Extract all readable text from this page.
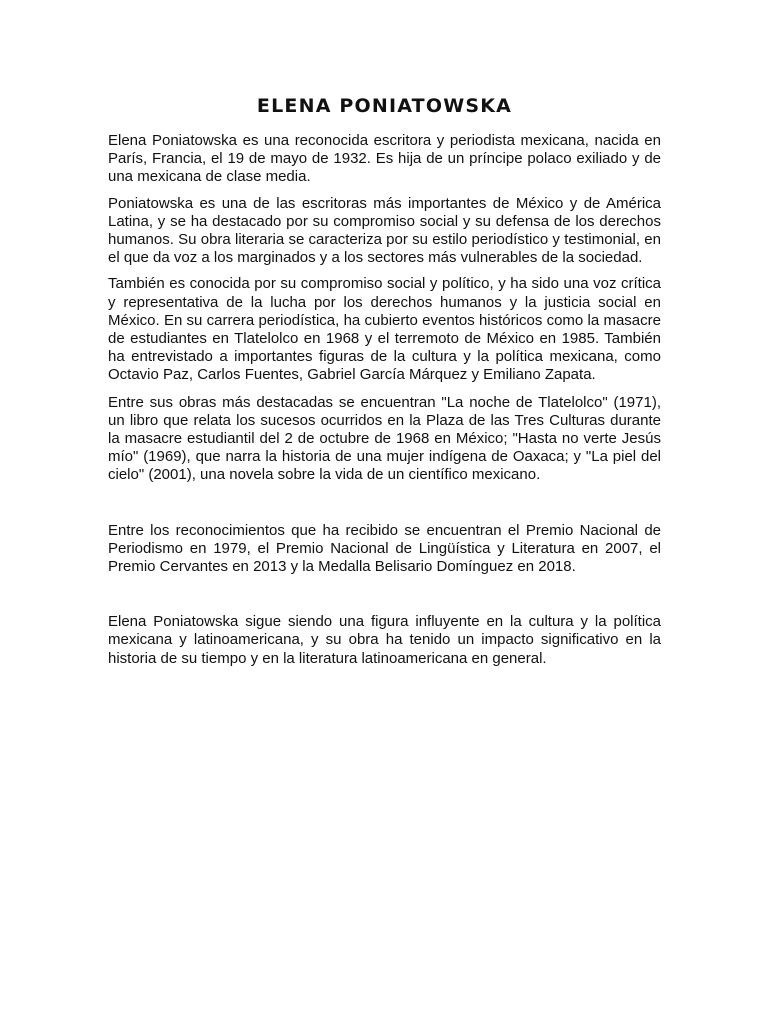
ELENA PONIATOWSKA

Elena Poniatowska es una reconocida escritora y periodista mexicana, nacida en París, Francia, el 19 de mayo de 1932. Es hija de un príncipe polaco exiliado y de una mexicana de clase media.

Poniatowska es una de las escritoras más importantes de México y de América Latina, y se ha destacado por su compromiso social y su defensa de los derechos humanos. Su obra literaria se caracteriza por su estilo periodístico y testimonial, en el que da voz a los marginados y a los sectores más vulnerables de la sociedad.

También es conocida por su compromiso social y político, y ha sido una voz crítica y representativa de la lucha por los derechos humanos y la justicia social en México. En su carrera periodística, ha cubierto eventos históricos como la masacre de estudiantes en Tlatelolco en 1968 y el terremoto de México en 1985. También ha entrevistado a importantes figuras de la cultura y la política mexicana, como Octavio Paz, Carlos Fuentes, Gabriel García Márquez y Emiliano Zapata.

Entre sus obras más destacadas se encuentran "La noche de Tlatelolco" (1971), un libro que relata los sucesos ocurridos en la Plaza de las Tres Culturas durante la masacre estudiantil del 2 de octubre de 1968 en México; "Hasta no verte Jesús mío" (1969), que narra la historia de una mujer indígena de Oaxaca; y "La piel del cielo" (2001), una novela sobre la vida de un científico mexicano.

Entre los reconocimientos que ha recibido se encuentran el Premio Nacional de Periodismo en 1979, el Premio Nacional de Lingüística y Literatura en 2007, el Premio Cervantes en 2013 y la Medalla Belisario Domínguez en 2018.

Elena Poniatowska sigue siendo una figura influyente en la cultura y la política mexicana y latinoamericana, y su obra ha tenido un impacto significativo en la historia de su tiempo y en la literatura latinoamericana en general.
